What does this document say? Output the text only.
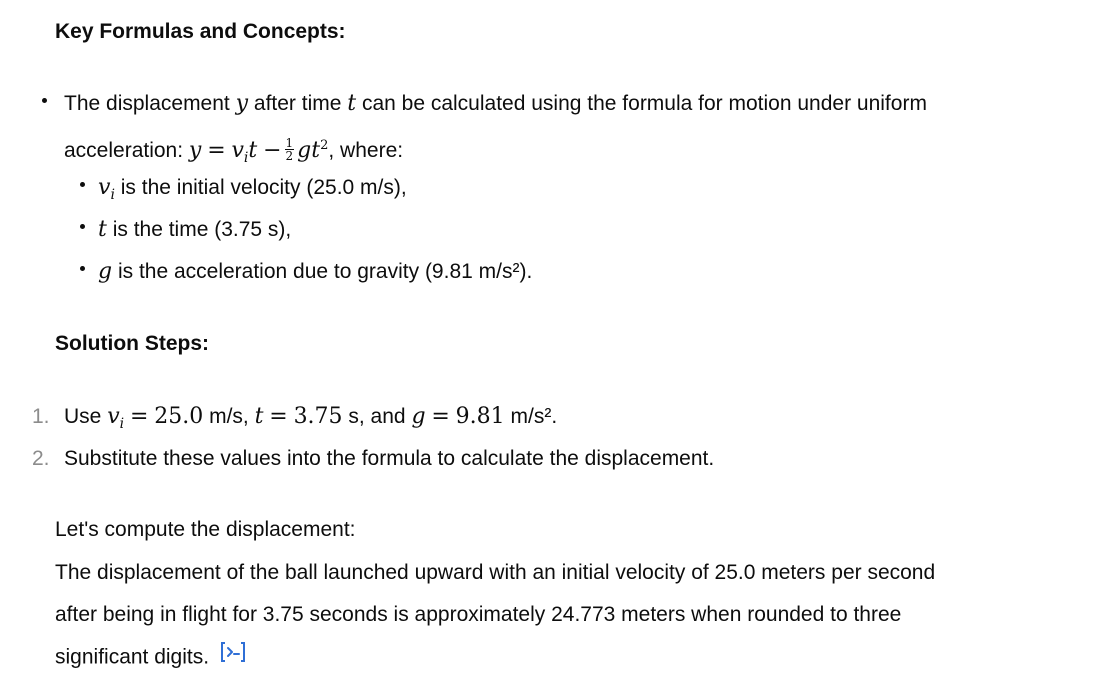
Key Formulas and Concepts:
The displacement y after time t can be calculated using the formula for motion under uniform
acceleration: $y = v_it - \frac{1}{2} gt^2$, where:
$v_i$ is the initial velocity (25.0 m/s),
t is the time (3.75 s),
g is the acceleration due to gravity (9.81 m/s²).
Solution Steps:
1. Use $v_i = 25.0$ m/s, t = 3.75 s, and g = 9.81 m/s².
2. Substitute these values into the formula to calculate the displacement.
Let's compute the displacement:
The displacement of the ball launched upward with an initial velocity of 25.0 meters per second
after being in flight for 3.75 seconds is approximately 24.773 meters when rounded to three
significant digits.
